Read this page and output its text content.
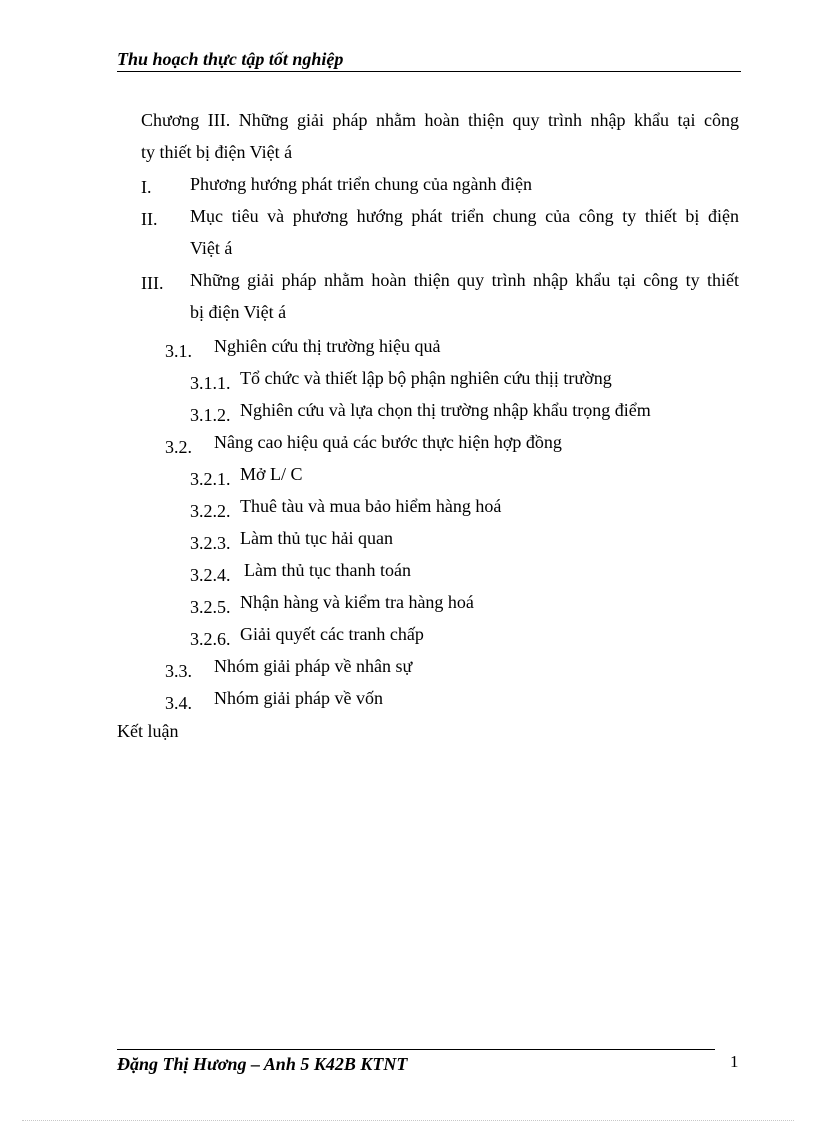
Thu hoạch thực tập tốt nghiệp
Chương III. Những giải pháp nhằm hoàn thiện quy trình nhập khẩu tại công
ty thiết bị điện Việt á
I. Phương hướng phát triển chung của ngành điện
II. Mục tiêu và phương hướng phát triển chung của công ty thiết bị điện
Việt á
III. Những giải pháp nhằm hoàn thiện quy trình nhập khẩu tại công ty thiết
bị điện Việt á
3.1. Nghiên cứu thị trường hiệu quả
3.1.1. Tổ chức và thiết lập bộ phận nghiên cứu thịị trường
3.1.2. Nghiên cứu và lựa chọn thị trường nhập khẩu trọng điểm
3.2. Nâng cao hiệu quả các bước thực hiện hợp đồng
3.2.1. Mở L/ C
3.2.2. Thuê tàu và mua bảo hiểm hàng hoá
3.2.3. Làm thủ tục hải quan
3.2.4. Làm thủ tục thanh toán
3.2.5. Nhận hàng và kiểm tra hàng hoá
3.2.6. Giải quyết các tranh chấp
3.3. Nhóm giải pháp về nhân sự
3.4. Nhóm giải pháp về vốn
Kết luận
Đặng Thị Hương – Anh 5 K42B KTNT	1
